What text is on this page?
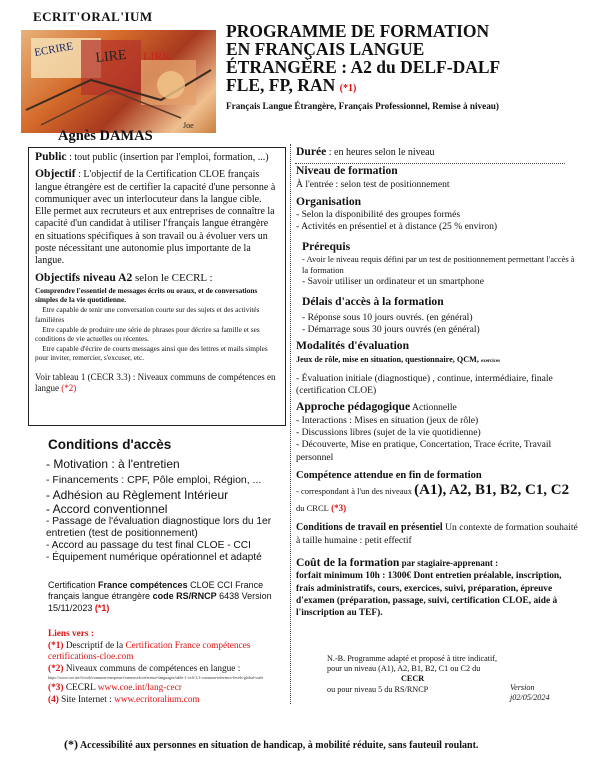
ECRIT'ORAL'IUM
LIRE LIRE
ECRIRE
Joe
Agnès DAMAS
PROGRAMME DE FORMATION
EN FRANÇAIS LANGUE
ÉTRANGÈRE : A2 du DELF-DALF
FLE, FP, RAN (*1)
Français Langue Étrangère, Français Professionnel, Remise à niveau)

Public : tout public (insertion par l'emploi, formation, ...)

Objectif : L'objectif de la Certification CLOE français langue étrangère est de certifier la capacité d'une personne à communiquer avec un interlocuteur dans la langue cible. Elle permet aux recruteurs et aux entreprises de connaître la capacité d'un candidat à utiliser l'français langue étrangère en situations spécifiques à son travail ou à évoluer vers un poste nécessitant une autonomie plus importante de la langue.

Objectifs niveau A2 selon le CECRL :

Comprendre l'essentiel de messages écrits ou oraux, et de conversations simples de la vie quotidienne.

Etre capable de tenir une conversation courte sur des sujets et des activités familières

Etre capable de produire une série de phrases pour décrire sa famille et ses conditions de vie actuelles ou récentes.

Etre capable d'écrire de courts messages ainsi que des lettres et mails simples pour inviter, remercier, s'excuser, etc.

Voir tableau 1 (CECR 3.3) : Niveaux communs de compétences en langue (*2)

Conditions d'accès
- Motivation : à l'entretien
- Financements : CPF, Pôle emploi, Région, ...
- Adhésion au Règlement Intérieur
- Accord conventionnel
- Passage de l'évaluation diagnostique lors du 1er entretien (test de positionnement)
- Accord au passage du test final CLOE - CCI
- Équipement numérique opérationnel et adapté
Certification France compétences CLOE CCI France français langue étrangère code RS/RNCP 6438 Version 15/11/2023 (*1)
Liens vers :
(*1) Descriptif de la Certification France compétences
certifications-cloe.com
(*2) Niveaux communs de compétences en langue :
https://www.coe.int/fr/web/common-european-framework-reference-languages/table-1-cefr-3.3-common-reference-levels-global-scale
(*3) CECRL www.coe.int/lang-cecr
(4) Site Internet : www.ecritoralium.com

Durée : en heures selon le niveau

Niveau de formation

À l'entrée : selon test de positionnement

Organisation

- Selon la disponibilité des groupes formés

- Activités en présentiel et à distance (25 % environ)

Prérequis

- Avoir le niveau requis défini par un test de positionnement permettant l'accès à la formation

- Savoir utiliser un ordinateur et un smartphone

Délais d'accès à la formation

- Réponse sous 10 jours ouvrés. (en général)

- Démarrage sous 30 jours ouvrés (en général)

Modalités d'évaluation

Jeux de rôle, mise en situation, questionnaire, QCM, exercices

- Évaluation initiale (diagnostique) , continue, intermédiaire, finale (certification CLOE)

Approche pédagogique Actionnelle

- Interactions : Mises en situation (jeux de rôle)

- Discussions libres (sujet de la vie quotidienne)

- Découverte, Mise en pratique, Concertation, Trace écrite, Travail personnel

Compétence attendue en fin de formation

- correspondant à l'un des niveaux (A1), A2, B1, B2, C1, C2 du CRCL (*3)

Conditions de travail en présentiel Un contexte de formation souhaité à taille humaine : petit effectif

Coût de la formation par stagiaire-apprenant :

forfait minimum 10h : 1300€ Dont entretien préalable, inscription, frais administratifs, cours, exercices, suivi, préparation, épreuve d'examen (préparation, passage, suivi, certification CLOE, aide à l'inscription au TEF).

N.-B. Programme adapté et proposé à titre indicatif,

pour un niveau (A1), A2, B1, B2, C1 ou C2 du

CECR

ou pour niveau 5 du RS/RNCP	Version

j02/05/2024

(*) Accessibilité aux personnes en situation de handicap, à mobilité réduite, sans fauteuil roulant.
